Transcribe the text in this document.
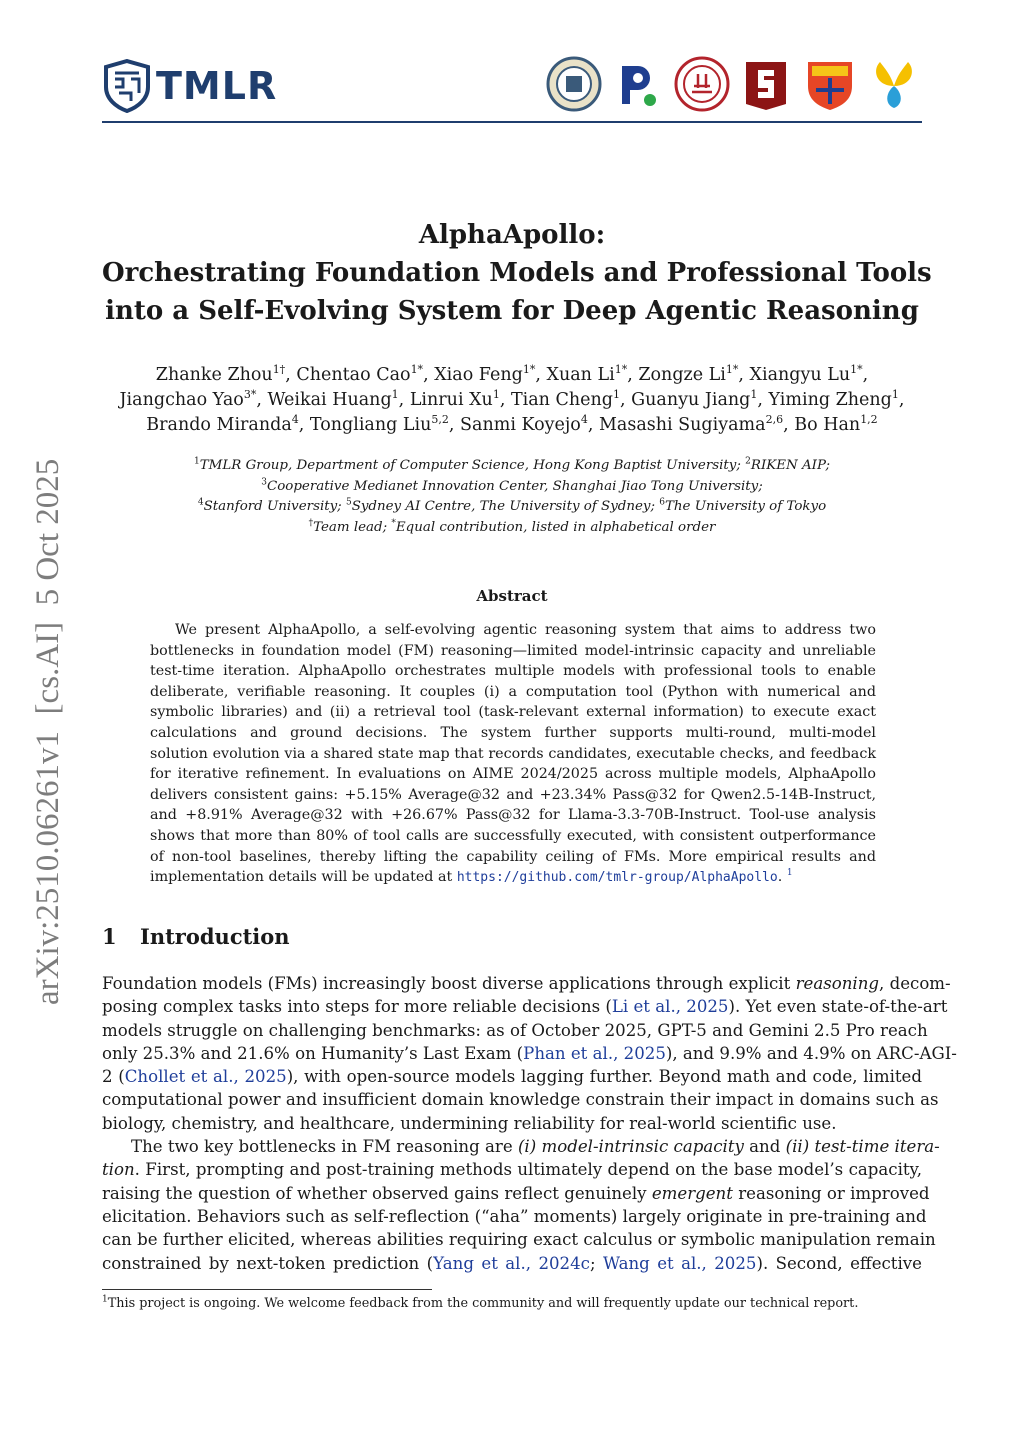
TMLR
arXiv:2510.06261v1  [cs.AI]  5 Oct 2025
AlphaApollo:
Orchestrating Foundation Models and Professional Tools
into a Self-Evolving System for Deep Agentic Reasoning
Zhanke Zhou$^{1\dagger}$, Chentao Cao$^{1*}$, Xiao Feng$^{1*}$, Xuan $Li^{1*}$, Zongze $Li^{1*}$, Xiangyu $Lu^{1*}$,
Jiangchao Yao$^{3*}$, Weikai Huang$^1$, Linrui Xu$^1$, Tian Cheng$^1$, Guanyu Jiang$^1$, Yiming Zheng$^1$,
Brando Miranda$^4$, Tongliang Liu$^{5,2}$, Sanmi Koyejo$^4$, Masashi Sugiyama$^{2,6}$, Bo Han$^{1,2}$
$^1$TMLR Group, Department of Computer Science, Hong Kong Baptist University; $^2$RIKEN AIP;
$^3$Cooperative Medianet Innovation Center, Shanghai Jiao Tong University;
$^4$Stanford University; $^5$Sydney AI Centre, The University of Sydney; $^6$The University of Tokyo
†Team lead; *Equal contribution, listed in alphabetical order
Abstract
We present AlphaApollo, a self-evolving agentic reasoning system that aims to address two
bottlenecks in foundation model (FM) reasoning—limited model-intrinsic capacity and unreliable
test-time iteration. AlphaApollo orchestrates multiple models with professional tools to enable
deliberate, verifiable reasoning. It couples (i) a computation tool (Python with numerical and
symbolic libraries) and (ii) a retrieval tool (task-relevant external information) to execute exact
calculations and ground decisions. The system further supports multi-round, multi-model
solution evolution via a shared state map that records candidates, executable checks, and feedback
for iterative refinement. In evaluations on AIME 2024/2025 across multiple models, AlphaApollo
delivers consistent gains: +5.15% Average@32 and +23.34% Pass@32 for Qwen2.5-14B-Instruct,
and +8.91% Average@32 with +26.67% Pass@32 for Llama-3.3-70B-Instruct. Tool-use analysis
shows that more than 80% of tool calls are successfully executed, with consistent outperformance
of non-tool baselines, thereby lifting the capability ceiling of FMs. More empirical results and
implementation details will be updated at https://github.com/tmlr-group/AlphaApollo. $^1$
1 Introduction
Foundation models (FMs) increasingly boost diverse applications through explicit reasoning, decom-
posing complex tasks into steps for more reliable decisions (Li et al., 2025). Yet even state-of-the-art
models struggle on challenging benchmarks: as of October 2025, GPT-5 and Gemini 2.5 Pro reach
only 25.3% and 21.6% on Humanity’s Last Exam (Phan et al., 2025), and 9.9% and 4.9% on ARC-AGI-
2 (Chollet et al., 2025), with open-source models lagging further. Beyond math and code, limited
computational power and insufficient domain knowledge constrain their impact in domains such as
biology, chemistry, and healthcare, undermining reliability for real-world scientific use.
The two key bottlenecks in FM reasoning are (i) model-intrinsic capacity and (ii) test-time itera-
tion. First, prompting and post-training methods ultimately depend on the base model’s capacity,
raising the question of whether observed gains reflect genuinely emergent reasoning or improved
elicitation. Behaviors such as self-reflection (“aha” moments) largely originate in pre-training and
can be further elicited, whereas abilities requiring exact calculus or symbolic manipulation remain
constrained by next-token prediction (Yang et al., 2024c; Wang et al., 2025). Second, effective
$^1$This project is ongoing. We welcome feedback from the community and will frequently update our technical report.
